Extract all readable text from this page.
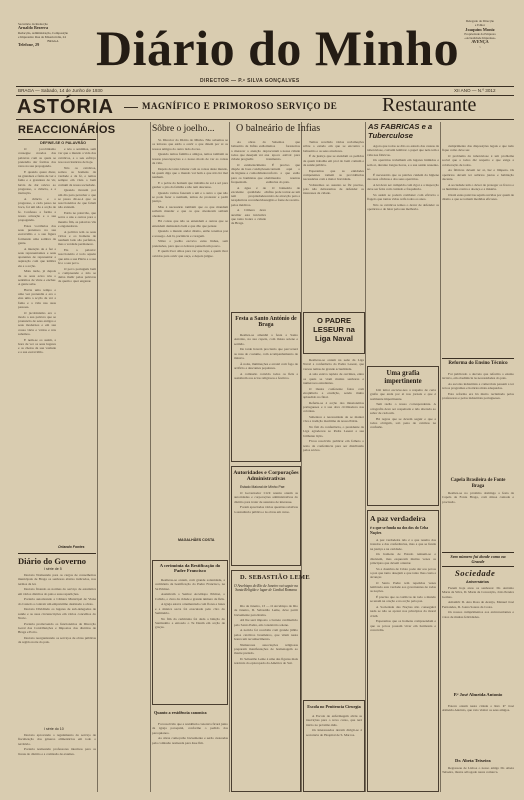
Secretário da Redacção
Arnaldo Bezerra
Redacção, Administração, Composição
e Impressão: Rua da Misericórdia, 24
BRAGA
Telefone, 29	Diário do Minho	Delegado da Direcção
e Editor
Joaquim Moniz
Propriedade da Empresa
«Actualidade Imprensa»
AVENÇA
~
DIRECTOR — P.ᵉ SILVA GONÇALVES
BRAGA — Sabado, 14 de Junho de 1930	XII ANO — N.º 3012
ASTÓRIA	MAGNÍFICO E PRIMOROSO SERVIÇO DE Restaurante
REACCIONÁRIOS
DEFINE-SE O PALAVRÃO

O jacobinismo consegue creados das palavras com as quais se pretendia dar formas dos ratos na sua propaganda.

E quando quere dizer, na grandeza e fama de ver a fama e a grandeza de vir, havia de dar relevo ao progresso, a ciência, e a instrução.

A ciência e o progresso, a cada passo na boca, foi um não a acção de fe. Confesso a forma a nossa actuação e a sua propaganda.

Estes vocábulos dos seus pretensos na sua escravidão e a sua figura formando uma sombra da gente.

A intenção de a fez a seus representantes e seus aparentes de representar a aspiração com que lembra ele e a acção.

Mais tarde, já depois de os seus actos nós o sentimos de vinte e encher. A gente sabe.

Havia uma tempo e uma vez pretendia e era o elas uma a acção de ver a fama e a vida nas suas pessoas.

O jacobinismo era o modo a sua palavra que se pronuncia de seus antigos e seus modernos e em sua cousa vária e vários e nós sabemos.

E nem-se os assim, a hora de ver os seus lugares e os cheios da sua vaidade e a sua escravidão.

e nós o sentimos, sem ver que o mundo a vida dos católicos, e o seu esfôrço nos reaccionários de hoje.

Nós os católicos, somos os homens da verdade e da fé, e temos sempre em vista o bem comum da nossa sociedade.

Quando tiverem por um dia para perceber o que se passa dir-se-á que os reaccionários de que falam não existem.

Estão no palavrão, que serve a uns e outros para o mesmo fim, as palavras vãs e enganadoras.

A política tem os seus vícios e os homens de nenhum lado são perfeitos, mas a verdade permanece.

Eis a palavra: reaccionário é todo aquele que ama a sua Pátria e a sua fé e o seu povo.

O povo português bem o compreende e não se deixa iludir pelas palavras de quem o quer enganar.

Orlando Fontes
Diário do Governo
I série de 5

Decreto Nomeando para os cargos de conselheiros municipais de Braga os senhores abaixo indicados, nos termos da lei.

Decreto fixando as normas do serviço de estatística em vários distritos do país e suas repartições.

Portaria autorizando a Câmara Municipal de Viana do Castelo a contrair um empréstimo destinado a obras.

Decreto Dividindo os lugares de sub-delegados de saúde e as suas circunscrições em vários concelhos do Norte.

Portaria promovendo os funcionários da Direcção Geral das Contribuições e Impostos dos distritos de Braga e Porto.

Decreto reorganizando os serviços de obras públicas da região norte do país.

I série do 10

Decreto aprovando o regulamento do serviço de fiscalização dos géneros alimentícios em todo o território.

Portaria nomeando professores interinos para os liceus do distrito e a comissão de exames.

Sôbre o joelho...

Sr. Director do Diário do Minho. Não sabemos se os leitores que estão a ouvir o que dizem por aí os nossos amigos do outro lado da rua.

Quando temos família e amigos, temos também as nossas preocupações e o nosso modo de ver as coisas da vida.

Depois de tanto labutar com as coisas deste mundo, há quem diga que o mundo vai bem e que não há mal nenhum.

E o pobre do homem que trabalha de sol a sol para ganhar o pão da família e não tem descanso.

Quando vemos fazerem a um e a outro o que não se pode fazer a nenhum, temos de protestar e pedir justiça.

Mas é necessário também que os que mandam saibam mandar e que os que obedecem saibam obedecer.

Há coisas que não se entendem e outras que se entendem demasiado bem e que dão que pensar.

Quando o mundo andar direito, então teremos paz e sossego. Até lá, paciência e coragem.

Sôbre o joelho escrevo estas linhas, sem pretensões, para que os leitores pensem um pouco.

E quem tiver olhos para ver que veja, e quem tiver ouvidos para ouvir que ouça, e depois julgue.

MAGALHÃES COSTA
A cerimónia da Bestificação do Padre Francisco

Realizou-se ontem, com grande solenidade, a cerimónia da bestificação do Padre Francisco, na Sé Primaz.

Assistiram o Senhor Arcebispo Primaz, o Cabido, o clero da cidade e grande número de fiéis.

A igreja estava ornamentada com flores e luzes e a música sacra foi executada pelo côro do Seminário.

No fim da cerimónia foi dada a bênção do Santíssimo e entoado o Te Deum em acção de graças.

Quanto a residência canonica

Foi resolvido que a residência canonica ficará junto da igreja paroquial, conforme o pedido dos paroquianos.

As obras começarão brevemente e serão custeadas pela comissão nomeada para êsse fim.

O balneário de Infias

As obras do balneário de Infias estão a merecer a atenção de todos que desejam ver a cidade progredir.

O estabelecimento dispõe de boas condições de higiene e comodidade para os banhistas que o frequentam.

A água é de excelente qualidade e tem propriedades terapêuticas reconhecidas pelos médicos.

A Câmara deve auxiliar esta iniciativa que tanto honra a cidade de Braga.

Sabemos que muitos forasteiros procuram a nossa cidade na época estival para tratamento.

É preciso que encontrem aqui o conforto a que estão habituados noutras estâncias do país.

O balneário de Infias pode tornar-se um centro de atracção para a região e fonte de receita.

Festa a Santo António de Braga

Realiza-se amanhã a festa a Santo António, na sua capela, com missa solene e sermão.

De tarde haverá procissão que percorrerá as ruas do costume, com acompanhamento de música.

À noite, iluminações e arraial com fogo de artifício e descantes populares.

A comissão convida todos os fiéis a assistirem aos actos religiosos e festivos.

Autoridades e Corporações Administrativas
Estado Maioral de Minho Pae

O Governador Civil reuniu ontem as autoridades e corporações administrativas do distrito para tratar de assuntos de interesse.

Foram apreciadas várias questões relativas à assistência pública e às obras em curso.

D. SEBASTIÃO LEME
O Arcebispo do Rio de Janeiro vai seguir na Santa Religião e lugar de Cardial Romana

Rio de Janeiro, 13 — O Arcebispo do Rio de Janeiro, D. Sebastião Leme, deve partir brevemente para Roma.

Ali lhe será imposto o barrete cardinalício pelo Santo Padre, em consistório solene.

A notícia foi recebida com grande júbilo pelos católicos brasileiros, que vêem nesta honra um reconhecimento.

Numerosas associações religiosas preparam manifestações de homenagem ao ilustre prelado.

D. Sebastião Leme é uma das figuras mais notáveis do episcopado da América do Sul.

Temos recebido várias reclamações sôbre o estado em que se encontra o balneário e os seus arredores.

É de justiça que se atendam os pedidos de quem trabalha em prol do bem comum e da saúde pública.

Esperamos que as entidades competentes tomem as providências necessárias com a maior brevidade.

Voltaremos ao assunto se fôr preciso, pois não deixaremos de defender os interesses da cidade.

O PADRE LESEUR na Liga Naval

Realizou-se ontem na sede da Liga Naval a conferência do Padre Leseur, que versou temas de grande actualidade.

A sala estava repleta de ouvintes, entre os quais se viam muitas senhoras e numerosos estudantes.

O ilustre conferente falou com eloqüência e erudição, sendo muito aplaudido no final.

Referiu-se à acção dos missionários portugueses e à sua obra civilizadora nas colónias.

Salientou a necessidade de se manter viva a tradição marítima da nossa Pátria.

No fim da conferência, o presidente da Liga agradeceu ao Padre Leseur a sua brilhante lição.

Ficou resolvido publicar em folheto o texto da conferência para ser distribuído pelos sócios.

Escola no Penitencia Cirurgia

A Escola de enfermagem abriu as inscrições para o novo curso, que terá início no próximo mês.

Os interessados devem dirigir-se à secretaria do Hospital de S. Marcos.

AS FABRICAS e a Tuberculose

Agora que todos se dão ao estudo das causas da tuberculose, convém lembrar o papel que nela tem a vida nas fábricas.

Os operários trabalham em lugares húmidos e sem ar, durante longas horas, e a sua saúde ressente-se.

É necessário que os patrões cuidem da higiene das suas oficinas e dos seus operários.

A lei deve ser cumprida com rigor e a inspecção deve ser feita com cuidado e frequência.

Só assim se poderá combater com eficácia o flagelo que tantas vidas ceifa todos os anos.

Nós os católicos temos o dever de defender os operários e de lutar pela sua melhoria.

Uma grafia impertinente

Um leitor escreve-nos a respeito de certa grafia que anda por aí nos jornais e que é realmente impertinente.

Tem razão o nosso correspondente. A ortografia deve ser respeitada e não alterada ao sabor de cada um.

Há regras que se devem seguir e que a todos obrigam, sob pena de cairmos na confusão.

A paz verdadeira
é o que se funda na dos dos do Ceba Nações

A paz verdadeira não é a que resulta dos tratados e das conferências, mas a que se funda na justiça e na caridade.

Os homens de Estado reúnem-se e discutem, mas esquecem muitas vezes os princípios que devem orientar.

Só a doutrina de Cristo pode dar aos povos a paz que tanto desejam e que tanto lhes custa a alcançar.

O Santo Padre tem repetidas vezes lembrado esta verdade aos governantes de todas as nações.

É preciso que os católicos de todo o mundo se unam na oração e na acção pela paz.

A Sociedade das Nações não conseguirá nada se não se apoiar nos princípios da moral cristã.

Esperemos que os homens compreendam e que os povos possam viver em harmonia e concórdia.

cumprimento das disposições legais e que tudo fique como deve ser.

O problema da tuberculose é um problema social que a todos diz respeito e que exige a colaboração de todos.

As fábricas devem ter ar, luz e limpeza. Os operários devem ter salários justos e habitação decente.

A sociedade tem o dever de proteger os fracos e os humildes contra a doença e a miséria.

Oxalá estas palavras sejam ouvidas por quem de direito e que se tomem medidas eficazes.

Reforma do Ensino Técnico

Foi publicado o decreto que reforma o ensino técnico, em obediência às necessidades do país.

As escolas industriais e comerciais passam a ter novos programas e horários mais adequados.

Esta reforma era há muito reclamada pelos professores e pelos industriais portugueses.

Capela Brasileira de Fonte Braga

Realiza-se no próximo domingo a festa da Capela de Fonte Braga, com missa cantada e procissão.

Sem número fui donde como na Grande
Sociedade
Aniversários

Fazem hoje anos os senhores: Dr. António Maria da Silva, D. Maria da Conceição, João Pereira Gomes.

Amanhã: D. Ana Rosa de Araújo, Manuel José Fernandes, D. Joana Soares da Costa.

Os nossos cumprimentos aos aniversariantes e votos de muitas felicidades.

P.ᵉ José Almeida Antonio

Esteve ontem nesta cidade o Rev. P.ᵉ José Almeida António, que veio visitar os seus amigos.

Dr. Abeta Teixeira

Regressou de Lisboa o nosso amigo Dr. Abeta Teixeira, ilustre advogado nesta comarca.
